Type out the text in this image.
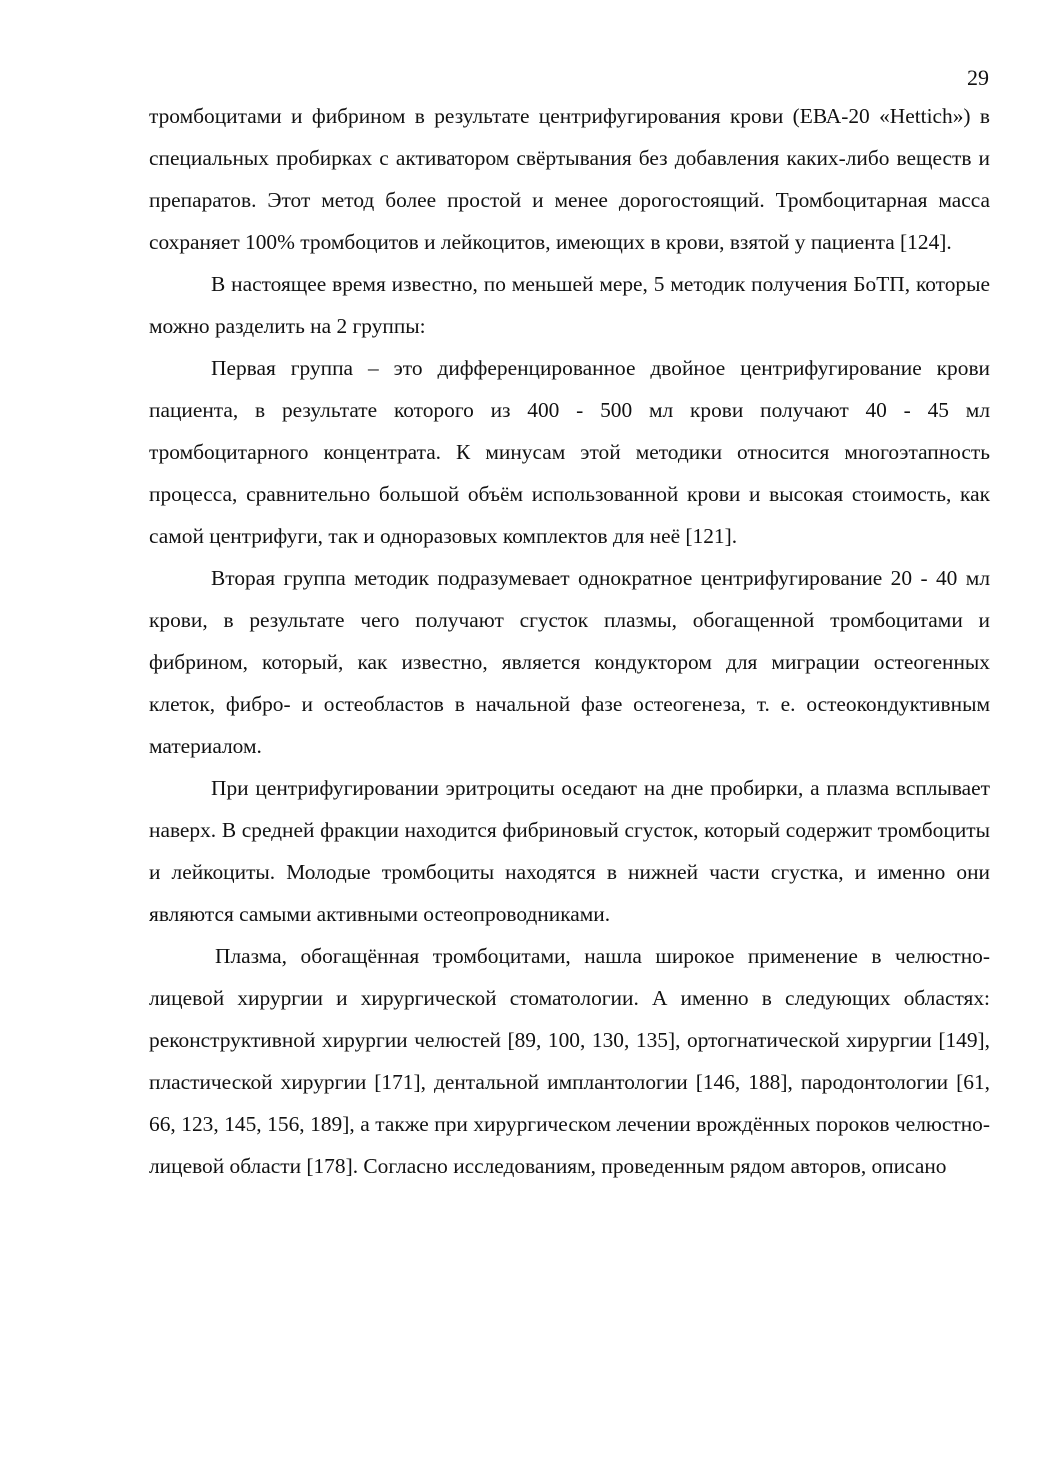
29

тромбоцитами и фибрином в результате центрифугирования крови (ЕВА-20 «Hettich») в специальных пробирках с активатором свёртывания без добавления каких-либо веществ и препаратов. Этот метод более простой и менее дорогостоящий. Тромбоцитарная масса сохраняет 100% тромбоцитов и лейкоцитов, имеющих в крови, взятой у пациента [124].

В настоящее время известно, по меньшей мере, 5 методик получения БоТП, которые можно разделить на 2 группы:

Первая группа – это дифференцированное двойное центрифугирование крови пациента, в результате которого из 400 - 500 мл крови получают 40 - 45 мл тромбоцитарного концентрата. К минусам этой методики относится многоэтапность процесса, сравнительно большой объём использованной крови и высокая стоимость, как самой центрифуги, так и одноразовых комплектов для неё [121].

Вторая группа методик подразумевает однократное центрифугирование 20 - 40 мл крови, в результате чего получают сгусток плазмы, обогащенной тромбоцитами и фибрином, который, как известно, является кондуктором для миграции остеогенных клеток, фибро- и остеобластов в начальной фазе остеогенеза, т. е. остеокондуктивным материалом.

При центрифугировании эритроциты оседают на дне пробирки, а плазма всплывает наверх. В средней фракции находится фибриновый сгусток, который содержит тромбоциты и лейкоциты. Молодые тромбоциты находятся в нижней части сгустка, и именно они являются самыми активными остеопроводниками.

Плазма, обогащённая тромбоцитами, нашла широкое применение в челюстно-лицевой хирургии и хирургической стоматологии. А именно в следующих областях: реконструктивной хирургии челюстей [89, 100, 130, 135], ортогнатической хирургии [149], пластической хирургии [171], дентальной имплантологии [146, 188], пародонтологии [61, 66, 123, 145, 156, 189], а также при хирургическом лечении врождённых пороков челюстно-лицевой области [178]. Согласно исследованиям, проведенным рядом авторов, описано
